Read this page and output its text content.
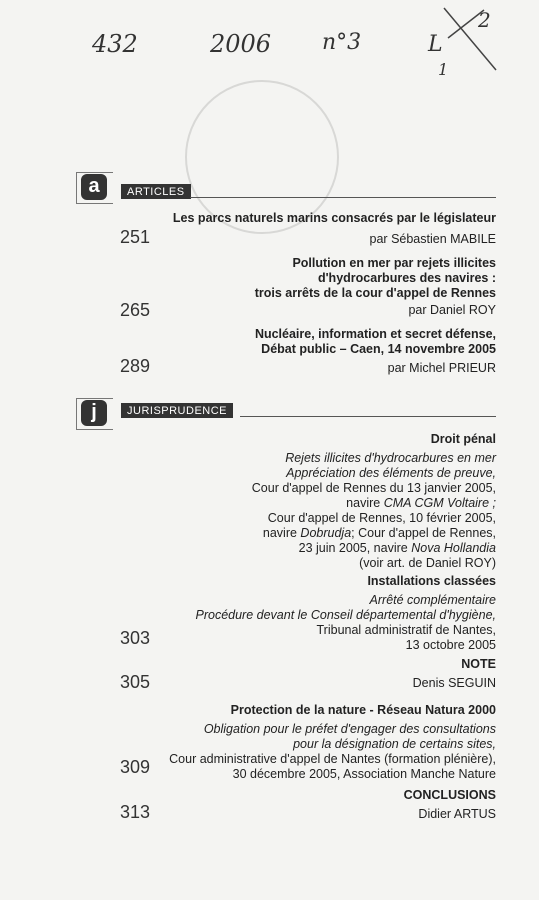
432	2006 n°3	L
1
2
a	ARTICLES
Les parcs naturels marins consacrés par le législateur
251	par Sébastien MABILE
Pollution en mer par rejets illicites
d'hydrocarbures des navires :
trois arrêts de la cour d'appel de Rennes
265	par Daniel ROY
Nucléaire, information et secret défense,
Débat public – Caen, 14 novembre 2005
289	par Michel PRIEUR
j	JURISPRUDENCE
Droit pénal
Rejets illicites d'hydrocarbures en mer
Appréciation des éléments de preuve,
Cour d'appel de Rennes du 13 janvier 2005,
navire CMA CGM Voltaire ;
Cour d'appel de Rennes, 10 février 2005,
navire Dobrudja; Cour d'appel de Rennes,
23 juin 2005, navire Nova Hollandia
(voir art. de Daniel ROY)
Installations classées
Arrêté complémentaire
Procédure devant le Conseil départemental d'hygiène,
Tribunal administratif de Nantes,
303	13 octobre 2005
NOTE
305	Denis SEGUIN
Protection de la nature - Réseau Natura 2000
Obligation pour le préfet d'engager des consultations
pour la désignation de certains sites,
Cour administrative d'appel de Nantes (formation plénière),
309	30 décembre 2005, Association Manche Nature
CONCLUSIONS
313	Didier ARTUS
